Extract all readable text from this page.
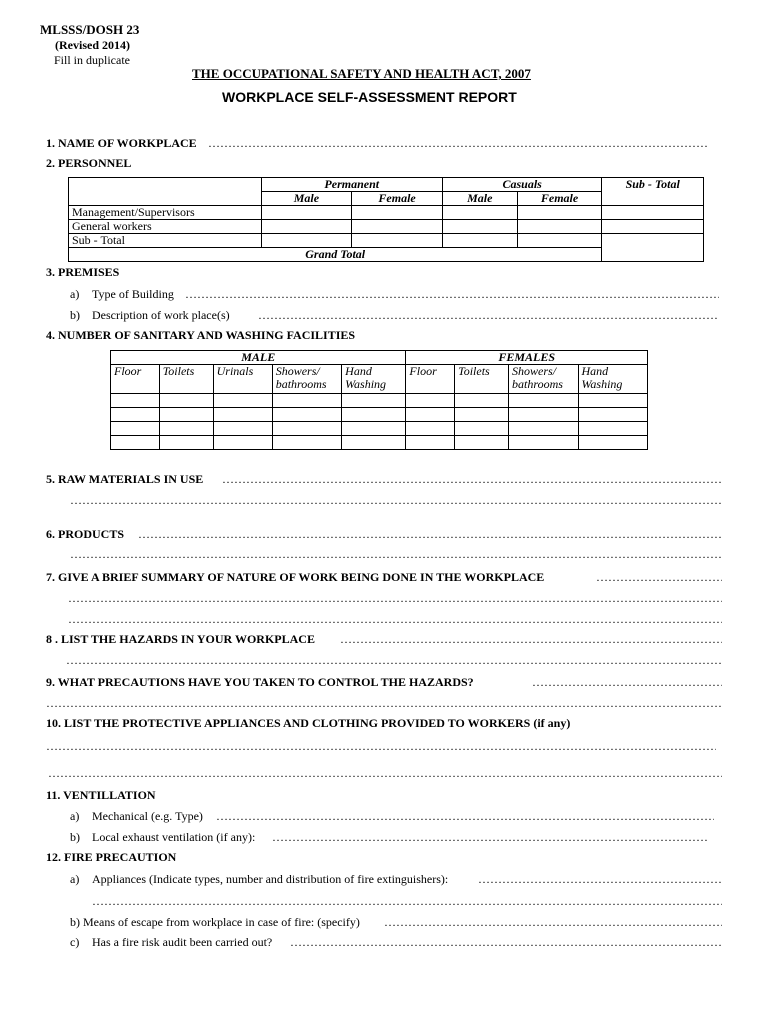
MLSSS/DOSH 23
(Revised 2014)
Fill in duplicate
THE OCCUPATIONAL SAFETY AND HEALTH ACT, 2007
WORKPLACE SELF-ASSESSMENT REPORT
1. NAME OF WORKPLACE
…………………………………………………………………………………………………………………………………………………………………………………………………………………………………………………………………………………………………………
2. PERSONNEL
	Permanent		Casuals		Sub - Total
	Male	Female	Male	Female	
Management/Supervisors					
General workers					
Sub - Total					
Grand Total					
3. PREMISES
a) Type of Building
…………………………………………………………………………………………………………………………………………………………………………………………………………………………………………………………………………………………………………
b) Description of work place(s)
…………………………………………………………………………………………………………………………………………………………………………………………………………………………………………………………………………………………………………
4. NUMBER OF SANITARY AND WASHING FACILITIES
MALE					FEMALES			
Floor	Toilets	Urinals	Showers/ bathrooms	Hand Washing	Floor	Toilets	Showers/ bathrooms	Hand Washing

5. RAW MATERIALS IN USE
…………………………………………………………………………………………………………………………………………………………………………………………………………………………………………………………………………………………………………
…………………………………………………………………………………………………………………………………………………………………………………………………………………………………………………………………………………………………………
6. PRODUCTS
…………………………………………………………………………………………………………………………………………………………………………………………………………………………………………………………………………………………………………
…………………………………………………………………………………………………………………………………………………………………………………………………………………………………………………………………………………………………………
7. GIVE A BRIEF SUMMARY OF NATURE OF WORK BEING DONE IN THE WORKPLACE
…………………………………………………………………………………………………………………………………………………………………………………………………………………………………………………………………………………………………………
…………………………………………………………………………………………………………………………………………………………………………………………………………………………………………………………………………………………………………
…………………………………………………………………………………………………………………………………………………………………………………………………………………………………………………………………………………………………………
8 . LIST THE HAZARDS IN YOUR WORKPLACE
…………………………………………………………………………………………………………………………………………………………………………………………………………………………………………………………………………………………………………
…………………………………………………………………………………………………………………………………………………………………………………………………………………………………………………………………………………………………………
9. WHAT PRECAUTIONS HAVE YOU TAKEN TO CONTROL THE HAZARDS?
…………………………………………………………………………………………………………………………………………………………………………………………………………………………………………………………………………………………………………
…………………………………………………………………………………………………………………………………………………………………………………………………………………………………………………………………………………………………………
10. LIST THE PROTECTIVE APPLIANCES AND CLOTHING PROVIDED TO WORKERS (if any)
…………………………………………………………………………………………………………………………………………………………………………………………………………………………………………………………………………………………………………
…………………………………………………………………………………………………………………………………………………………………………………………………………………………………………………………………………………………………………
11. VENTILLATION
a) Mechanical (e.g. Type)
…………………………………………………………………………………………………………………………………………………………………………………………………………………………………………………………………………………………………………
b) Local exhaust ventilation (if any):
…………………………………………………………………………………………………………………………………………………………………………………………………………………………………………………………………………………………………………
12. FIRE PRECAUTION
a) Appliances (Indicate types, number and distribution of fire extinguishers):
…………………………………………………………………………………………………………………………………………………………………………………………………………………………………………………………………………………………………………
…………………………………………………………………………………………………………………………………………………………………………………………………………………………………………………………………………………………………………
b) Means of escape from workplace in case of fire: (specify)
…………………………………………………………………………………………………………………………………………………………………………………………………………………………………………………………………………………………………………
c) Has a fire risk audit been carried out?
…………………………………………………………………………………………………………………………………………………………………………………………………………………………………………………………………………………………………………
